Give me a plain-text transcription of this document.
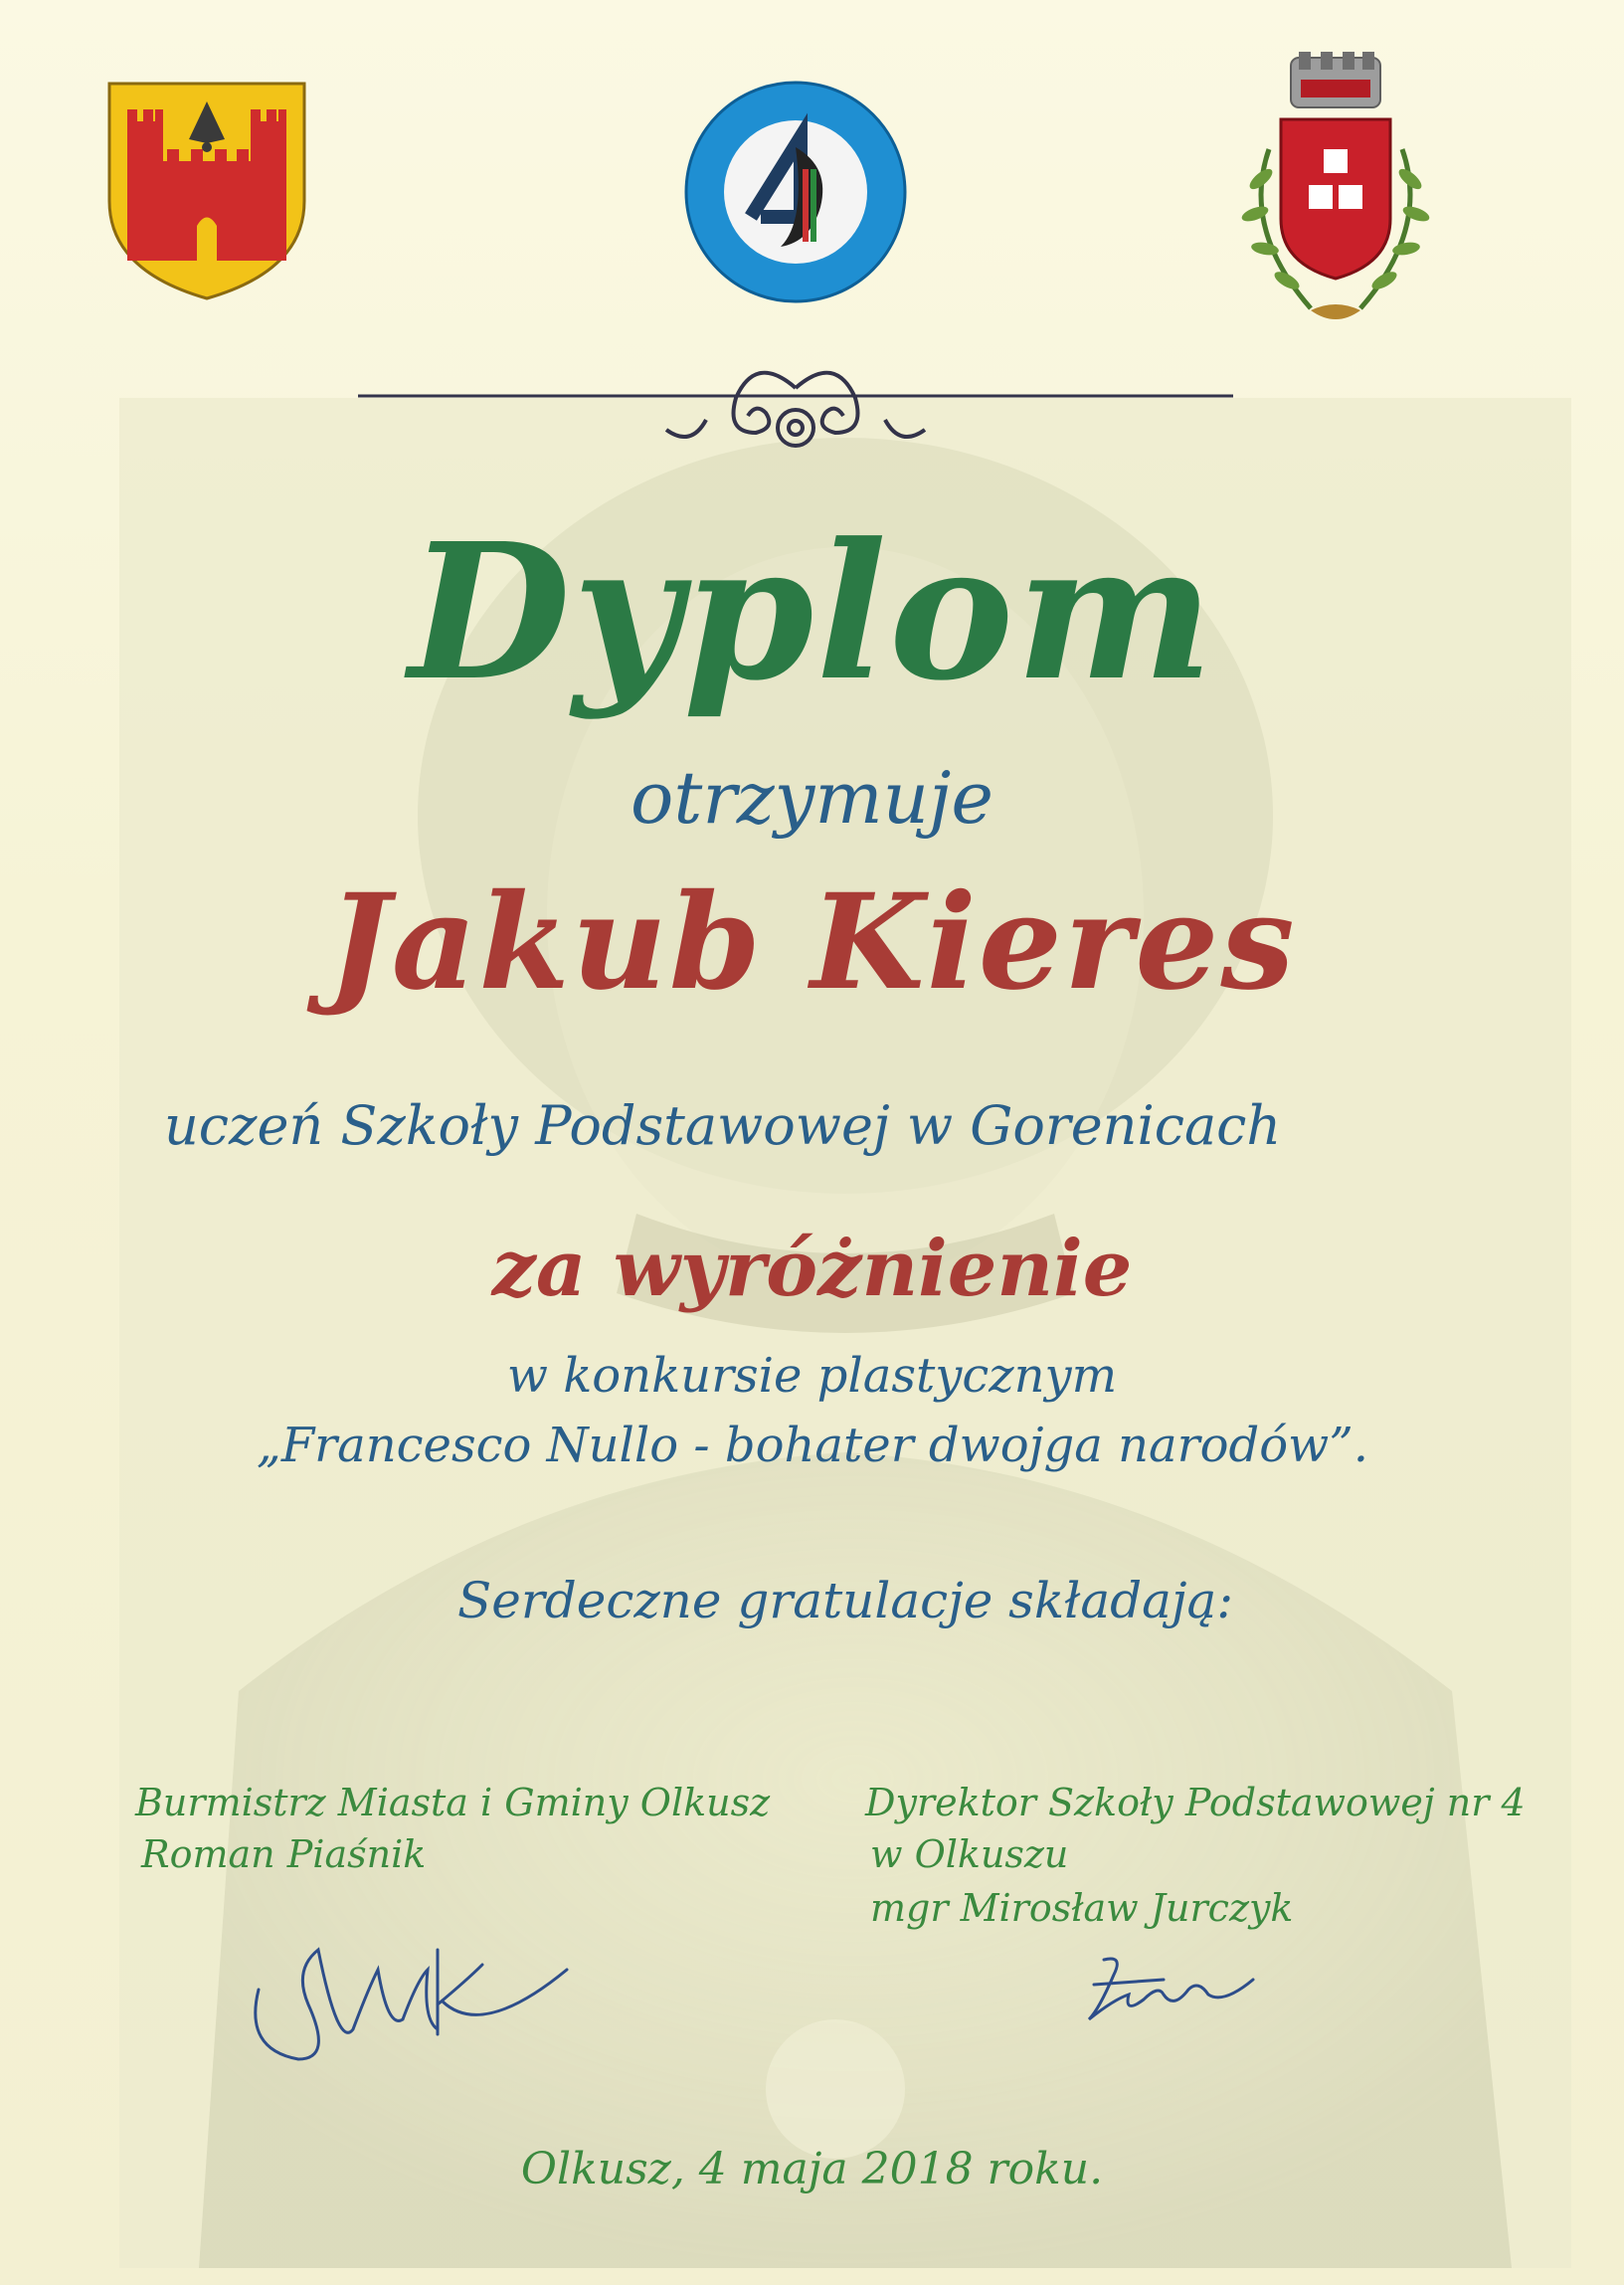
Dyplom
otrzymuje
Jakub Kieres
uczeń Szkoły Podstawowej w Gorenicach
za wyróżnienie
w konkursie plastycznym
„Francesco Nullo - bohater dwojga narodów”.
Serdeczne gratulacje składają:
Burmistrz Miasta i Gminy Olkusz
Roman Piaśnik
Dyrektor Szkoły Podstawowej nr 4
w Olkuszu
mgr Mirosław Jurczyk
Olkusz, 4 maja 2018 roku.
